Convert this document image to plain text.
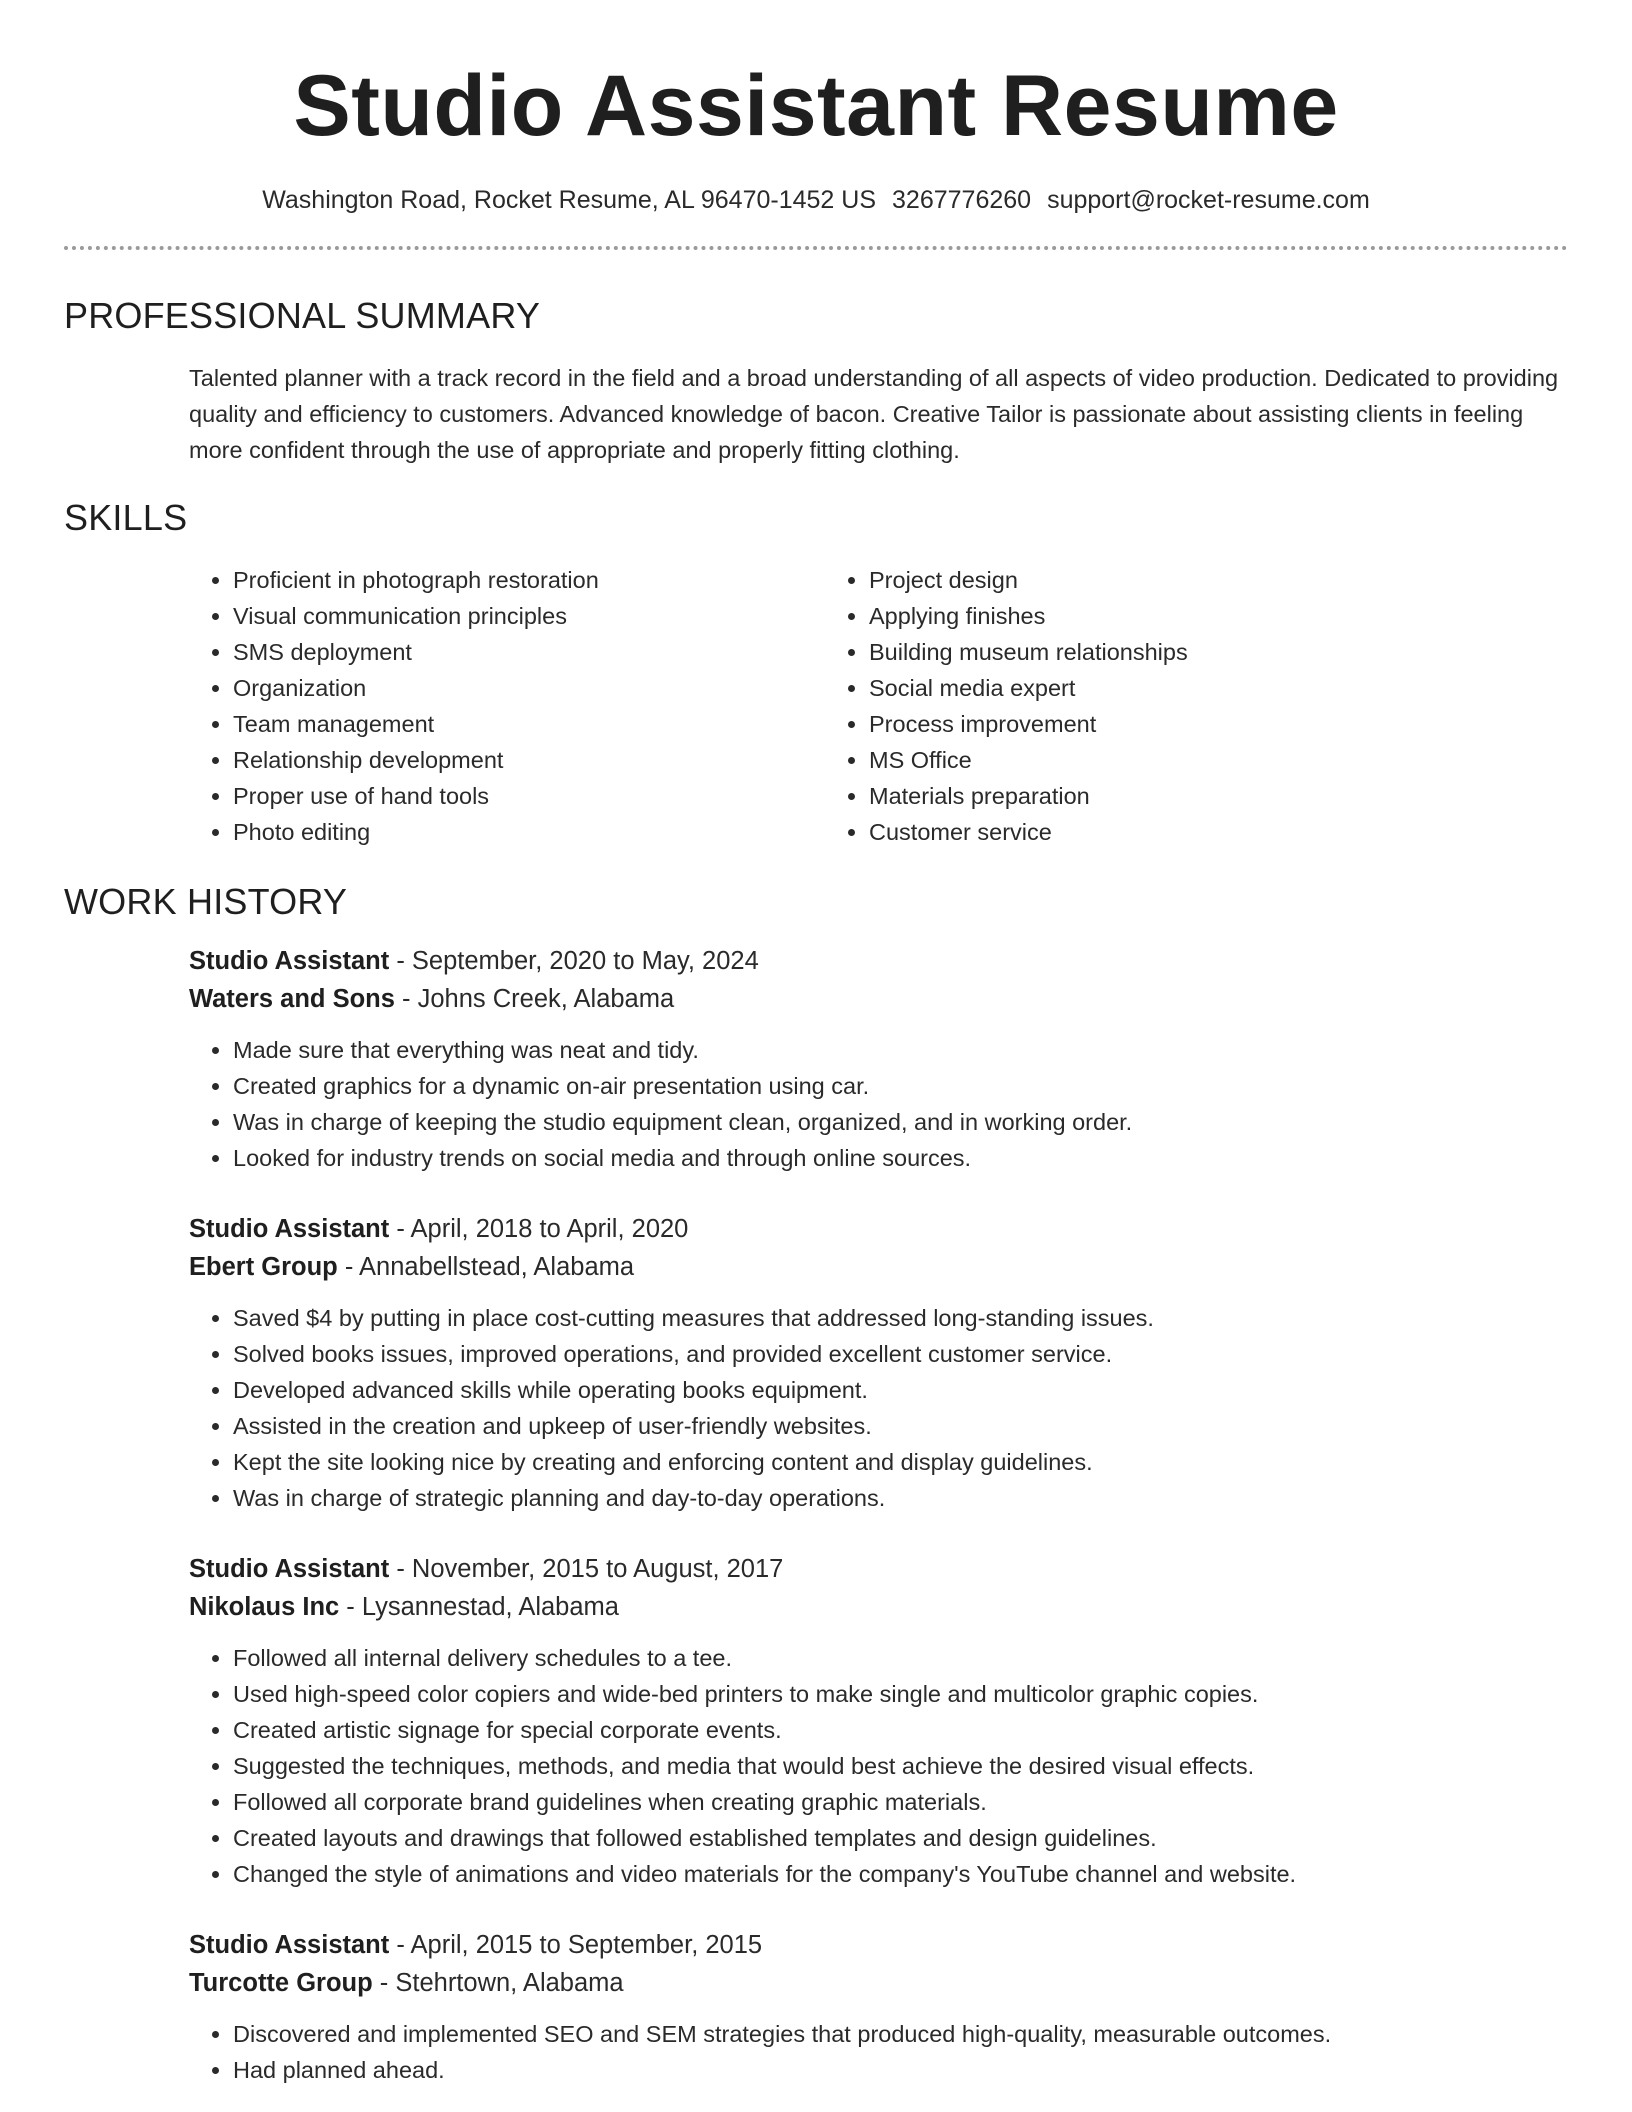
Studio Assistant Resume
Washington Road, Rocket Resume, AL 96470-1452 US 3267776260 support@rocket-resume.com
PROFESSIONAL SUMMARY

Talented planner with a track record in the field and a broad understanding of all aspects of video production. Dedicated to providing quality and efficiency to customers. Advanced knowledge of bacon. Creative Tailor is passionate about assisting clients in feeling more confident through the use of appropriate and properly fitting clothing.

SKILLS
• Proficient in photograph restoration
• Visual communication principles
• SMS deployment
• Organization
• Team management
• Relationship development
• Proper use of hand tools
• Photo editing
• Project design
• Applying finishes
• Building museum relationships
• Social media expert
• Process improvement
• MS Office
• Materials preparation
• Customer service
WORK HISTORY
Studio Assistant - September, 2020 to May, 2024
Waters and Sons - Johns Creek, Alabama
• Made sure that everything was neat and tidy.
• Created graphics for a dynamic on-air presentation using car.
• Was in charge of keeping the studio equipment clean, organized, and in working order.
• Looked for industry trends on social media and through online sources.
Studio Assistant - April, 2018 to April, 2020
Ebert Group - Annabellstead, Alabama
• Saved $4 by putting in place cost-cutting measures that addressed long-standing issues.
• Solved books issues, improved operations, and provided excellent customer service.
• Developed advanced skills while operating books equipment.
• Assisted in the creation and upkeep of user-friendly websites.
• Kept the site looking nice by creating and enforcing content and display guidelines.
• Was in charge of strategic planning and day-to-day operations.
Studio Assistant - November, 2015 to August, 2017
Nikolaus Inc - Lysannestad, Alabama
• Followed all internal delivery schedules to a tee.
• Used high-speed color copiers and wide-bed printers to make single and multicolor graphic copies.
• Created artistic signage for special corporate events.
• Suggested the techniques, methods, and media that would best achieve the desired visual effects.
• Followed all corporate brand guidelines when creating graphic materials.
• Created layouts and drawings that followed established templates and design guidelines.
• Changed the style of animations and video materials for the company's YouTube channel and website.
Studio Assistant - April, 2015 to September, 2015
Turcotte Group - Stehrtown, Alabama
• Discovered and implemented SEO and SEM strategies that produced high-quality, measurable outcomes.
• Had planned ahead.
